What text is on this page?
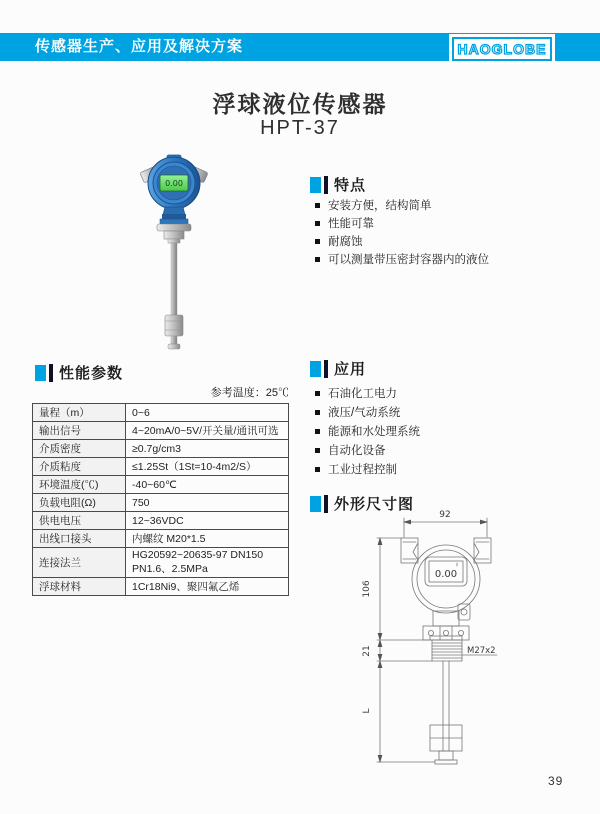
传感器生产、应用及解决方案	HAOGLOBE
浮球液位传感器
HPT-37
0.00	特点
安装方便，结构简单
性能可靠
耐腐蚀
可以测量带压密封容器内的液位
性能参数
参考温度：25℃
量程（m）	0~6
输出信号	4~20mA/0~5V/开关量/通讯可选
介质密度	≥0.7g/cm3
介质粘度	≤1.25St（1St=10-4m2/S）
环境温度(℃)	-40~60℃
负载电阻(Ω)	750
供电电压	12~36VDC
出线口接头	内螺纹 M20*1.5
连接法兰	HG20592~20635-97 DN150
PN1.6、2.5MPa
浮球材料	1Cr18Ni9、聚四氟乙烯
应用
石油化工电力
液压/气动系统
能源和水处理系统
自动化设备
工业过程控制
外形尺寸图
92
0.00
106
21
L
M27x2
39
